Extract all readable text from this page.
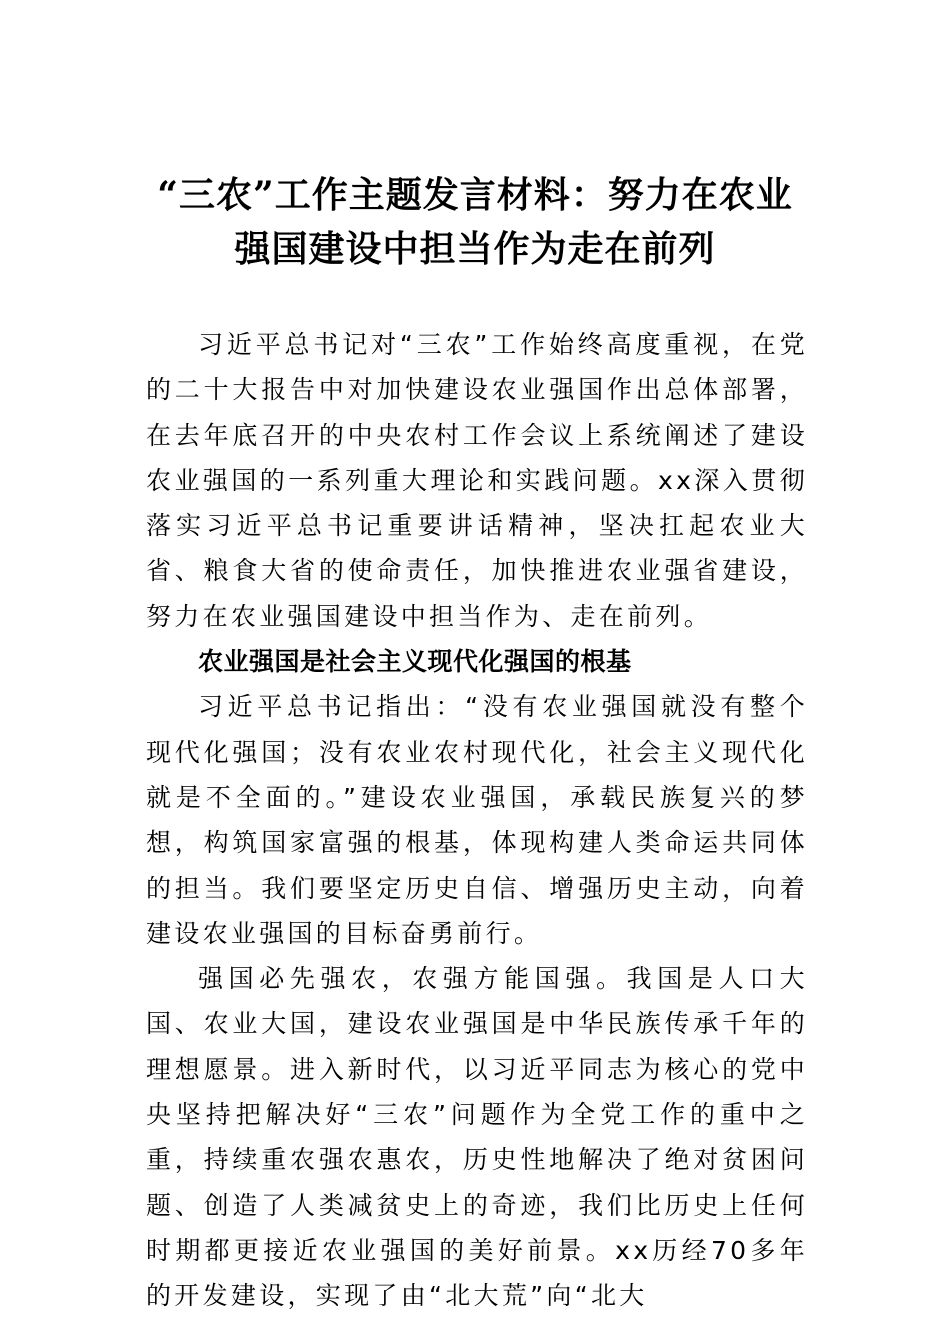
“三农”工作主题发言材料：努力在农业
强国建设中担当作为走在前列

习近平总书记对“三农”工作始终高度重视，在党的二十大报告中对加快建设农业强国作出总体部署，在去年底召开的中央农村工作会议上系统阐述了建设农业强国的一系列重大理论和实践问题。xx深入贯彻落实习近平总书记重要讲话精神，坚决扛起农业大省、粮食大省的使命责任，加快推进农业强省建设，努力在农业强国建设中担当作为、走在前列。

农业强国是社会主义现代化强国的根基

习近平总书记指出：“没有农业强国就没有整个现代化强国；没有农业农村现代化，社会主义现代化就是不全面的。”建设农业强国，承载民族复兴的梦想，构筑国家富强的根基，体现构建人类命运共同体的担当。我们要坚定历史自信、增强历史主动，向着建设农业强国的目标奋勇前行。

强国必先强农，农强方能国强。我国是人口大国、农业大国，建设农业强国是中华民族传承千年的理想愿景。进入新时代，以习近平同志为核心的党中央坚持把解决好“三农”问题作为全党工作的重中之重，持续重农强农惠农，历史性地解决了绝对贫困问题、创造了人类减贫史上的奇迹，我们比历史上任何时期都更接近农业强国的美好前景。xx历经70多年的开发建设，实现了由“北大荒”向“北大
